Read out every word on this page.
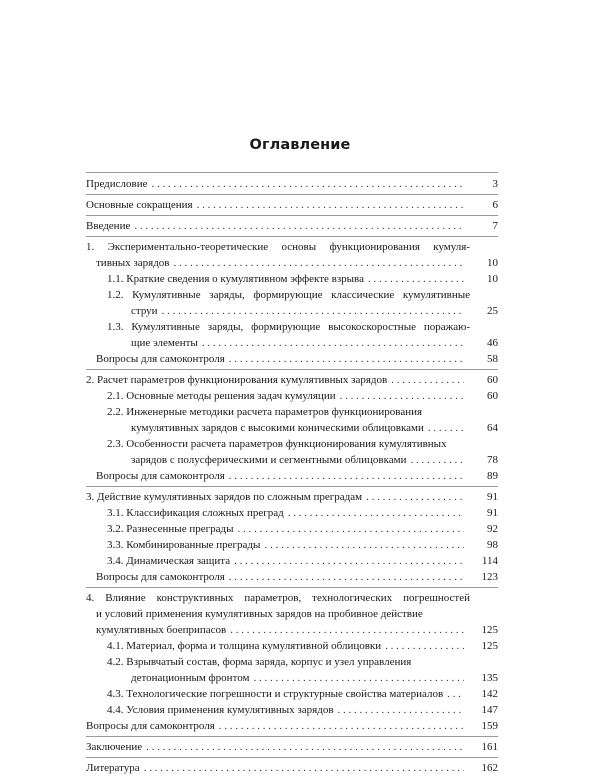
Оглавление
Предисловие . . .	3
Основные сокращения . . .	6
Введение . . .	7
1. Экспериментально-теоретические основы функционирования кумуля-
тивных зарядов . . .	10
1.1. Краткие сведения о кумулятивном эффекте взрыва . . .	10
1.2. Кумулятивные заряды, формирующие классические кумулятивные
струи . . .	25
1.3. Кумулятивные заряды, формирующие высокоскоростные поражаю-
щие элементы . . .	46
Вопросы для самоконтроля . . .	58
2. Расчет параметров функционирования кумулятивных зарядов . . .	60
2.1. Основные методы решения задач кумуляции . . .	60
2.2. Инженерные методики расчета параметров функционирования
кумулятивных зарядов с высокими коническими облицовками . . .	64
2.3. Особенности расчета параметров функционирования кумулятивных
зарядов с полусферическими и сегментными облицовками . . .	78
Вопросы для самоконтроля . . .	89
3. Действие кумулятивных зарядов по сложным преградам . . .	91
3.1. Классификация сложных преград . . .	91
3.2. Разнесенные преграды . . .	92
3.3. Комбинированные преграды . . .	98
3.4. Динамическая защита . . .	114
Вопросы для самоконтроля . . .	123
4. Влияние конструктивных параметров, технологических погрешностей
и условий применения кумулятивных зарядов на пробивное действие
кумулятивных боеприпасов . . .	125
4.1. Материал, форма и толщина кумулятивной облицовки . . .	125
4.2. Взрывчатый состав, форма заряда, корпус и узел управления
детонационным фронтом . . .	135
4.3. Технологические погрешности и структурные свойства материалов . . .	142
4.4. Условия применения кумулятивных зарядов . . .	147
Вопросы для самоконтроля . . .	159
Заключение . . .	161
Литература . . .	162
